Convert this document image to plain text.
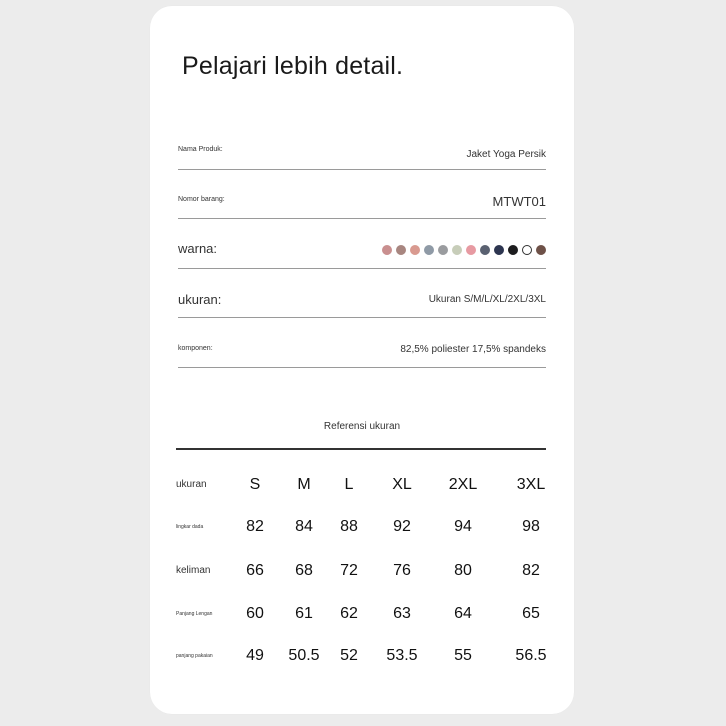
Pelajari lebih detail.
Nama Produk:	Jaket Yoga Persik
Nomor barang:	MTWT01
warna:
ukuran:	Ukuran S/M/L/XL/2XL/3XL
komponen:	82,5% poliester 17,5% spandeks
Referensi ukuran
ukuran	S	M	L	XL	2XL	3XL
lingkar dada	82	84	88	92	94	98
keliman	66	68	72	76	80	82
Panjang Lengan	60	61	62	63	64	65
panjang pakaian	49	50.5	52	53.5	55	56.5
